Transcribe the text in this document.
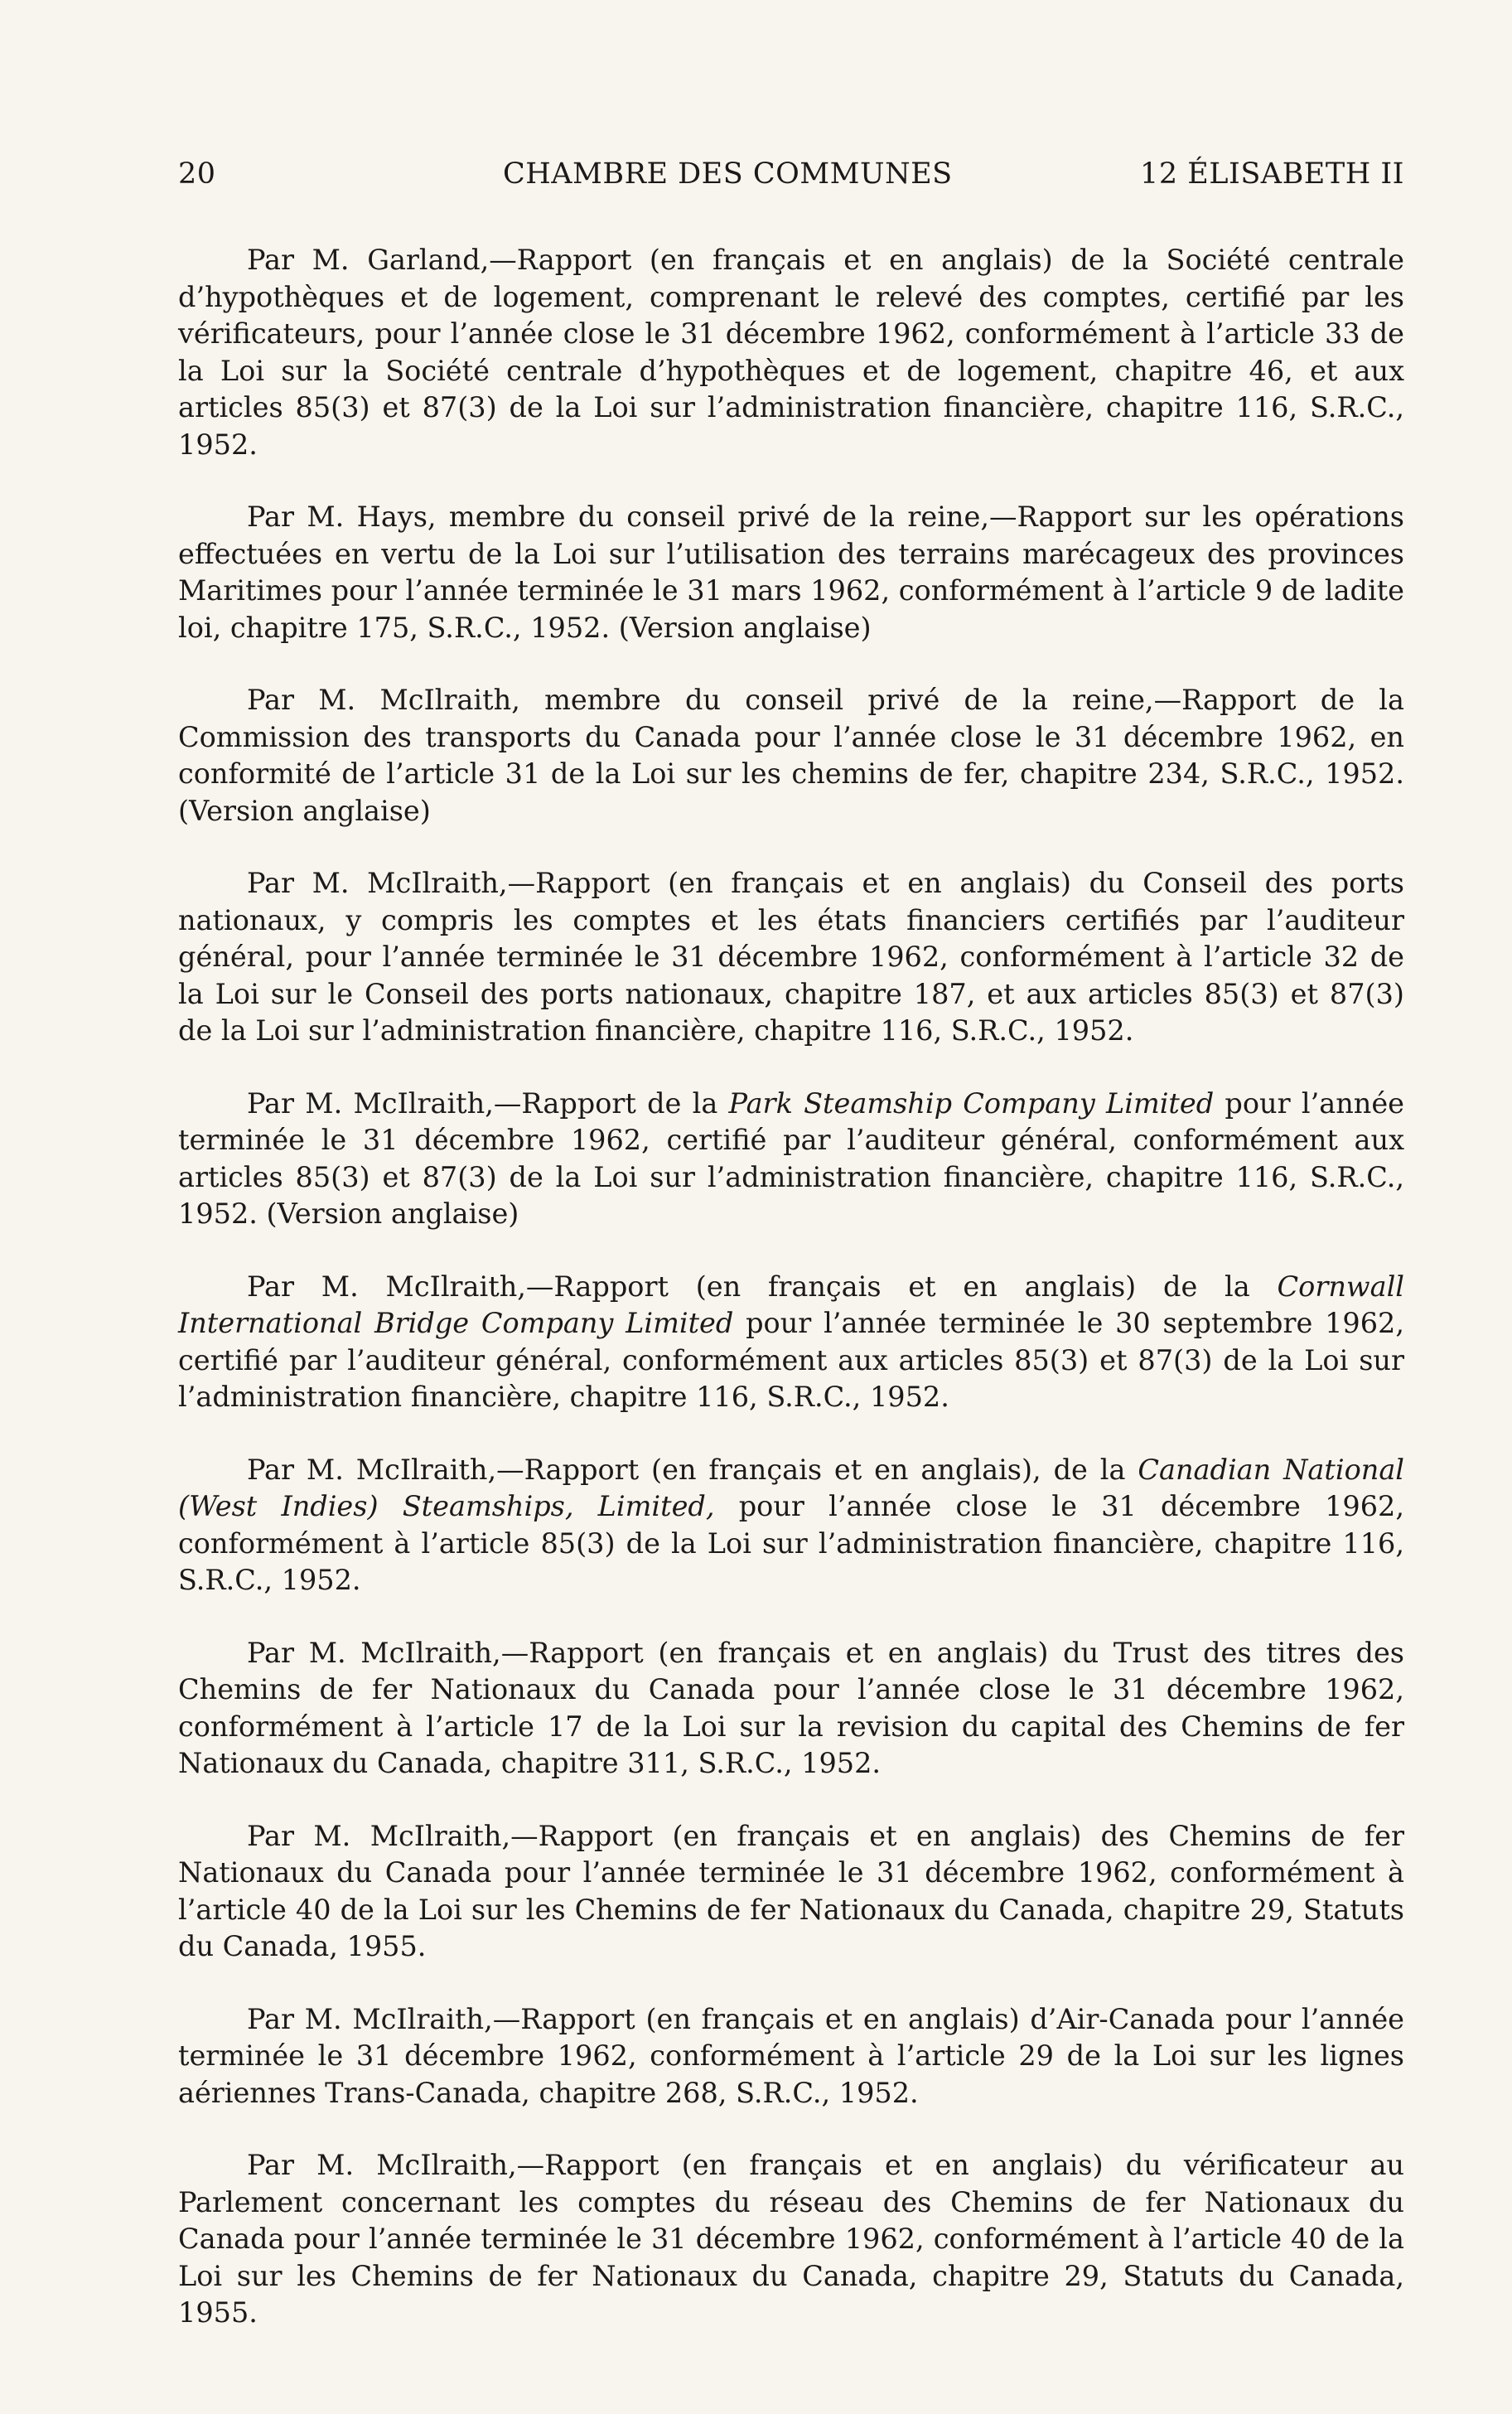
20	CHAMBRE DES COMMUNES	12 ÉLISABETH II

Par M. Garland,—Rapport (en français et en anglais) de la Société centrale d’hypothèques et de logement, comprenant le relevé des comptes, certifié par les vérificateurs, pour l’année close le 31 décembre 1962, conformément à l’article 33 de la Loi sur la Société centrale d’hypothèques et de logement, chapitre 46, et aux articles 85(3) et 87(3) de la Loi sur l’administration financière, chapitre 116, S.R.C., 1952.

Par M. Hays, membre du conseil privé de la reine,—Rapport sur les opérations effectuées en vertu de la Loi sur l’utilisation des terrains marécageux des provinces Maritimes pour l’année terminée le 31 mars 1962, conformément à l’article 9 de ladite loi, chapitre 175, S.R.C., 1952. (Version anglaise)

Par M. McIlraith, membre du conseil privé de la reine,—Rapport de la Commission des transports du Canada pour l’année close le 31 décembre 1962, en conformité de l’article 31 de la Loi sur les chemins de fer, chapitre 234, S.R.C., 1952. (Version anglaise)

Par M. McIlraith,—Rapport (en français et en anglais) du Conseil des ports nationaux, y compris les comptes et les états financiers certifiés par l’auditeur général, pour l’année terminée le 31 décembre 1962, conformément à l’article 32 de la Loi sur le Conseil des ports nationaux, chapitre 187, et aux articles 85(3) et 87(3) de la Loi sur l’administration financière, chapitre 116, S.R.C., 1952.

Par M. McIlraith,—Rapport de la Park Steamship Company Limited pour l’année terminée le 31 décembre 1962, certifié par l’auditeur général, conformément aux articles 85(3) et 87(3) de la Loi sur l’administration financière, chapitre 116, S.R.C., 1952. (Version anglaise)

Par M. McIlraith,—Rapport (en français et en anglais) de la Cornwall International Bridge Company Limited pour l’année terminée le 30 septembre 1962, certifié par l’auditeur général, conformément aux articles 85(3) et 87(3) de la Loi sur l’administration financière, chapitre 116, S.R.C., 1952.

Par M. McIlraith,—Rapport (en français et en anglais), de la Canadian National (West Indies) Steamships, Limited, pour l’année close le 31 décembre 1962, conformément à l’article 85(3) de la Loi sur l’administration financière, chapitre 116, S.R.C., 1952.

Par M. McIlraith,—Rapport (en français et en anglais) du Trust des titres des Chemins de fer Nationaux du Canada pour l’année close le 31 décembre 1962, conformément à l’article 17 de la Loi sur la revision du capital des Chemins de fer Nationaux du Canada, chapitre 311, S.R.C., 1952.

Par M. McIlraith,—Rapport (en français et en anglais) des Chemins de fer Nationaux du Canada pour l’année terminée le 31 décembre 1962, conformément à l’article 40 de la Loi sur les Chemins de fer Nationaux du Canada, chapitre 29, Statuts du Canada, 1955.

Par M. McIlraith,—Rapport (en français et en anglais) d’Air-Canada pour l’année terminée le 31 décembre 1962, conformément à l’article 29 de la Loi sur les lignes aériennes Trans-Canada, chapitre 268, S.R.C., 1952.

Par M. McIlraith,—Rapport (en français et en anglais) du vérificateur au Parlement concernant les comptes du réseau des Chemins de fer Nationaux du Canada pour l’année terminée le 31 décembre 1962, conformément à l’article 40 de la Loi sur les Chemins de fer Nationaux du Canada, chapitre 29, Statuts du Canada, 1955.
